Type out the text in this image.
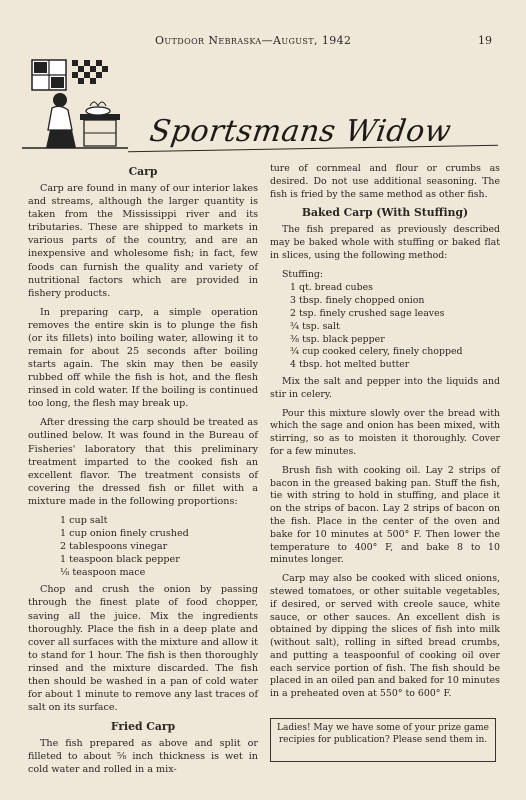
Outdoor Nebraska—August, 1942	19
Sportsmans Widow
Carp

Carp are found in many of our interior lakes and streams, although the larger quantity is taken from the Mississippi river and its tributaries. These are shipped to markets in various parts of the country, and are an inexpensive and wholesome fish; in fact, few foods can furnish the quality and variety of nutritional factors which are provided in fishery products.

In preparing carp, a simple operation removes the entire skin is to plunge the fish (or its fillets) into boiling water, allowing it to remain for about 25 seconds after boiling starts again. The skin may then be easily rubbed off while the fish is hot, and the flesh rinsed in cold water. If the boiling is continued too long, the flesh may break up.

After dressing the carp should be treated as outlined below. It was found in the Bureau of Fisheries' laboratory that this preliminary treatment imparted to the cooked fish an excellent flavor. The treatment consists of covering the dressed fish or fillet with a mixture made in the following proportions:

1 cup salt
1 cup onion finely crushed
2 tablespoons vinegar
1 teaspoon black pepper
⅛ teaspoon mace

Chop and crush the onion by passing through the finest plate of food chopper, saving all the juice. Mix the ingredients thoroughly. Place the fish in a deep plate and cover all surfaces with the mixture and allow it to stand for 1 hour. The fish is then thoroughly rinsed and the mixture discarded. The fish then should be washed in a pan of cold water for about 1 minute to remove any last traces of salt on its surface.

Fried Carp

The fish prepared as above and split or filleted to about ⅝ inch thickness is wet in cold water and rolled in a mix-

ture of cornmeal and flour or crumbs as desired. Do not use additional seasoning. The fish is fried by the same method as other fish.

Baked Carp (With Stuffing)

The fish prepared as previously described may be baked whole with stuffing or baked flat in slices, using the following method:

Stuffing:

1 qt. bread cubes
3 tbsp. finely chopped onion
2 tsp. finely crushed sage leaves
¾ tsp. salt
⅜ tsp. black pepper
¾ cup cooked celery, finely chopped
4 tbsp. hot melted butter

Mix the salt and pepper into the liquids and stir in celery.

Pour this mixture slowly over the bread with which the sage and onion has been mixed, with stirring, so as to moisten it thoroughly. Cover for a few minutes.

Brush fish with cooking oil. Lay 2 strips of bacon in the greased baking pan. Stuff the fish, tie with string to hold in stuffing, and place it on the strips of bacon. Lay 2 strips of bacon on the fish. Place in the center of the oven and bake for 10 minutes at 500° F. Then lower the temperature to 400° F, and bake 8 to 10 minutes longer.

Carp may also be cooked with sliced onions, stewed tomatoes, or other suitable vegetables, if desired, or served with creole sauce, white sauce, or other sauces. An excellent dish is obtained by dipping the slices of fish into milk (without salt), rolling in sifted bread crumbs, and putting a teaspoonful of cooking oil over each service portion of fish. The fish should be placed in an oiled pan and baked for 10 minutes in a preheated oven at 550° to 600° F.

Ladies! May we have some of your prize game recipies for publication? Please send them in.
